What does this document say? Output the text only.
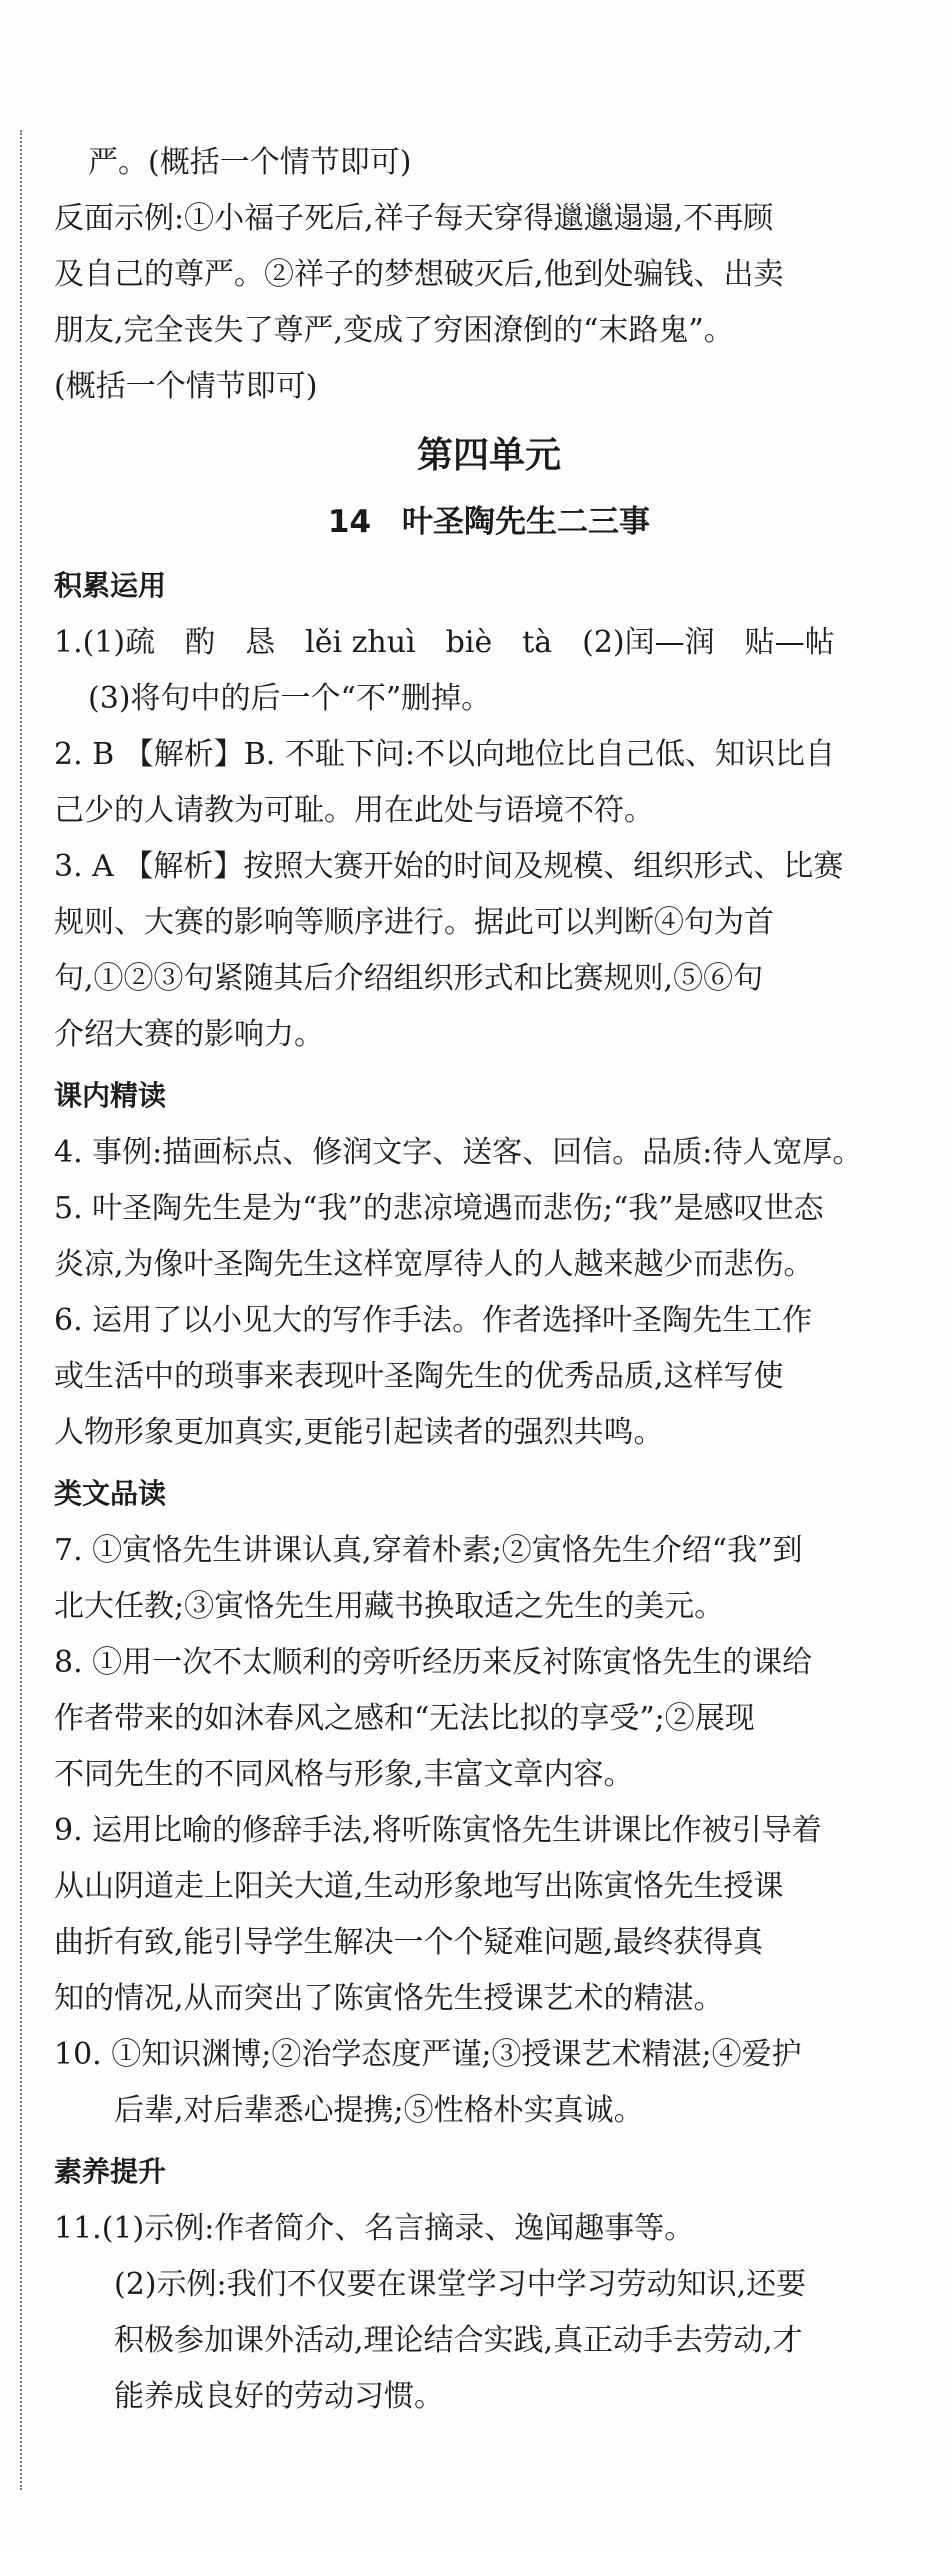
严。(概括一个情节即可)
反面示例:①小福子死后,祥子每天穿得邋邋遢遢,不再顾
及自己的尊严。②祥子的梦想破灭后,他到处骗钱、出卖
朋友,完全丧失了尊严,变成了穷困潦倒的“末路鬼”。
(概括一个情节即可)
第四单元
14　叶圣陶先生二三事
积累运用
1.(1)疏　酌　恳　lěi zhuì　biè　tà　(2)闰—润　贴—帖
(3)将句中的后一个“不”删掉。
2. B 【解析】B. 不耻下问:不以向地位比自己低、知识比自
己少的人请教为可耻。用在此处与语境不符。
3. A 【解析】按照大赛开始的时间及规模、组织形式、比赛
规则、大赛的影响等顺序进行。据此可以判断④句为首
句,①②③句紧随其后介绍组织形式和比赛规则,⑤⑥句
介绍大赛的影响力。
课内精读
4. 事例:描画标点、修润文字、送客、回信。品质:待人宽厚。
5. 叶圣陶先生是为“我”的悲凉境遇而悲伤;“我”是感叹世态
炎凉,为像叶圣陶先生这样宽厚待人的人越来越少而悲伤。
6. 运用了以小见大的写作手法。作者选择叶圣陶先生工作
或生活中的琐事来表现叶圣陶先生的优秀品质,这样写使
人物形象更加真实,更能引起读者的强烈共鸣。
类文品读
7. ①寅恪先生讲课认真,穿着朴素;②寅恪先生介绍“我”到
北大任教;③寅恪先生用藏书换取适之先生的美元。
8. ①用一次不太顺利的旁听经历来反衬陈寅恪先生的课给
作者带来的如沐春风之感和“无法比拟的享受”;②展现
不同先生的不同风格与形象,丰富文章内容。
9. 运用比喻的修辞手法,将听陈寅恪先生讲课比作被引导着
从山阴道走上阳关大道,生动形象地写出陈寅恪先生授课
曲折有致,能引导学生解决一个个疑难问题,最终获得真
知的情况,从而突出了陈寅恪先生授课艺术的精湛。
10. ①知识渊博;②治学态度严谨;③授课艺术精湛;④爱护
后辈,对后辈悉心提携;⑤性格朴实真诚。
素养提升
11.(1)示例:作者简介、名言摘录、逸闻趣事等。
(2)示例:我们不仅要在课堂学习中学习劳动知识,还要
积极参加课外活动,理论结合实践,真正动手去劳动,才
能养成良好的劳动习惯。
